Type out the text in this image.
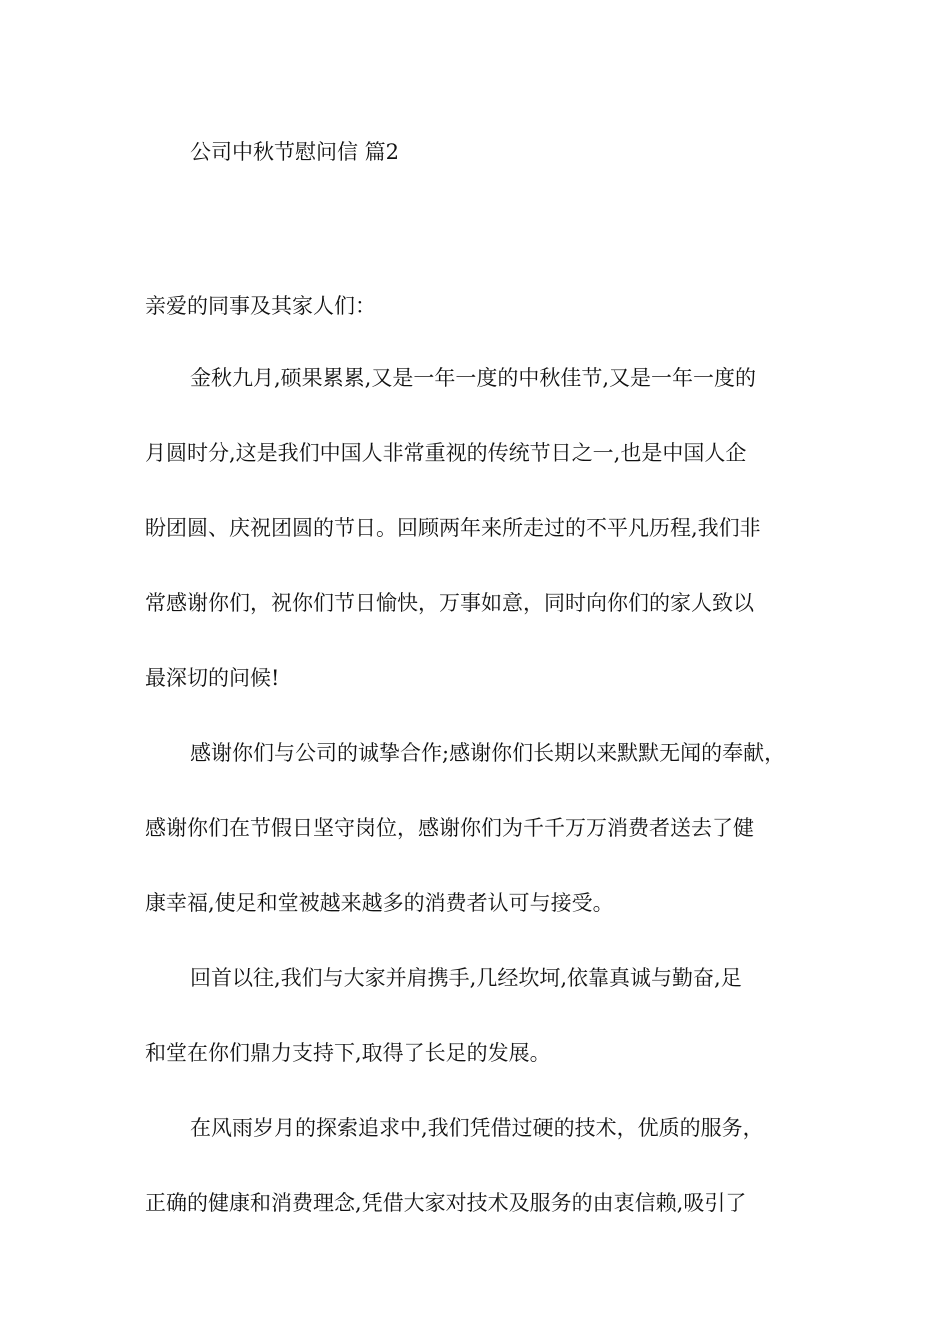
公司中秋节慰问信 篇2
亲爱的同事及其家人们：
金秋九月,硕果累累,又是一年一度的中秋佳节,又是一年一度的
月圆时分,这是我们中国人非常重视的传统节日之一,也是中国人企
盼团圆、庆祝团圆的节日。回顾两年来所走过的不平凡历程,我们非
常感谢你们，祝你们节日愉快，万事如意，同时向你们的家人致以
最深切的问候!
感谢你们与公司的诚挚合作;感谢你们长期以来默默无闻的奉献，
感谢你们在节假日坚守岗位，感谢你们为千千万万消费者送去了健
康幸福,使足和堂被越来越多的消费者认可与接受。
回首以往,我们与大家并肩携手,几经坎坷,依靠真诚与勤奋,足
和堂在你们鼎力支持下,取得了长足的发展。
在风雨岁月的探索追求中,我们凭借过硬的技术，优质的服务，
正确的健康和消费理念,凭借大家对技术及服务的由衷信赖,吸引了
